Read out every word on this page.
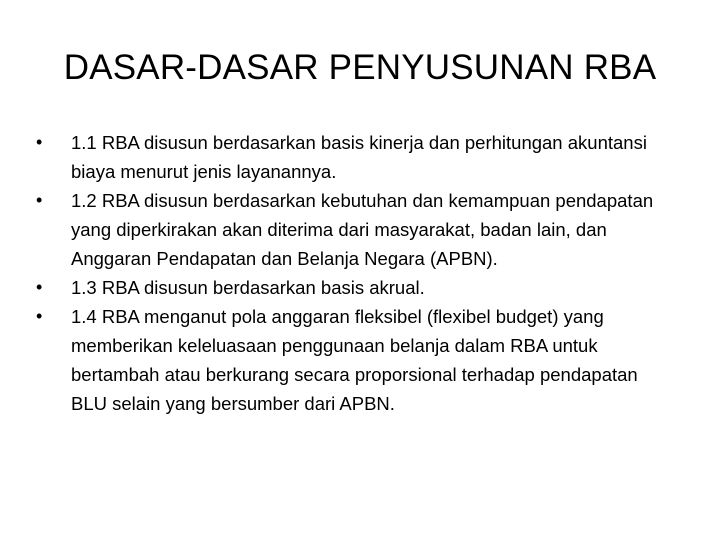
DASAR-DASAR PENYUSUNAN RBA
•	1.1 RBA disusun berdasarkan basis kinerja dan perhitungan akuntansi biaya menurut jenis layanannya.
•	1.2 RBA disusun berdasarkan kebutuhan dan kemampuan pendapatan yang diperkirakan akan diterima dari masyarakat, badan lain, dan Anggaran Pendapatan dan Belanja Negara (APBN).
•	1.3 RBA disusun berdasarkan basis akrual.
•	1.4 RBA menganut pola anggaran fleksibel (flexibel budget) yang memberikan keleluasaan penggunaan belanja dalam RBA untuk bertambah atau berkurang secara proporsional terhadap pendapatan BLU selain yang bersumber dari APBN.
